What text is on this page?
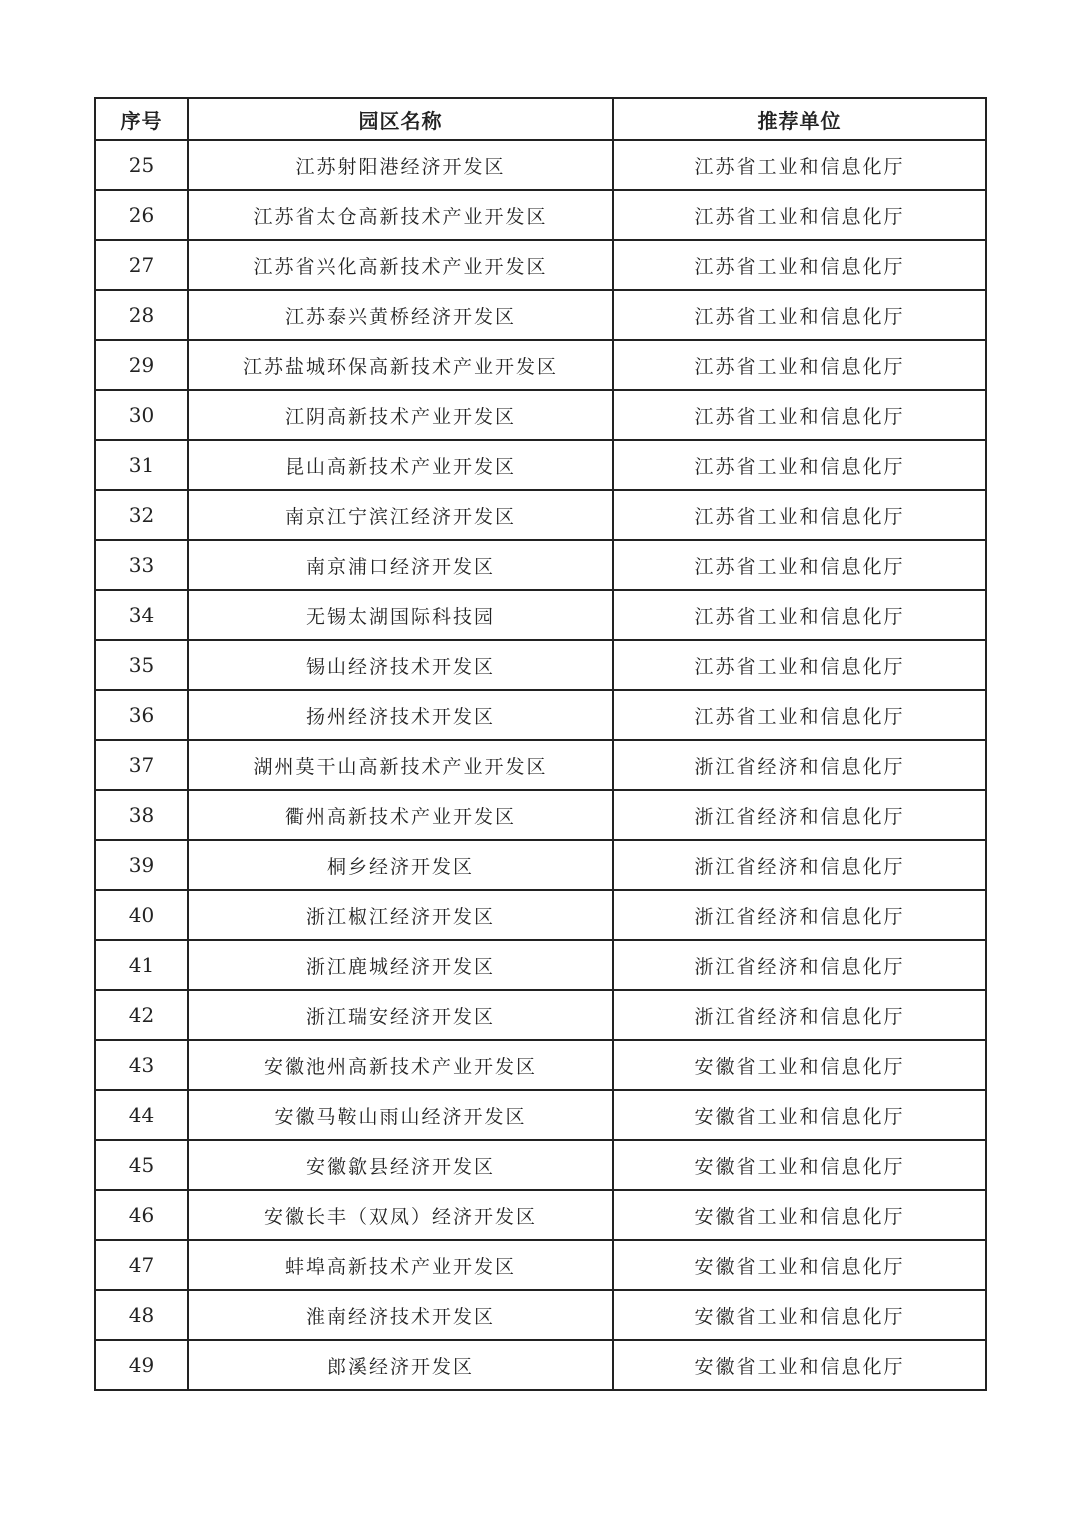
序号	园区名称	推荐单位
25	江苏射阳港经济开发区	江苏省工业和信息化厅
26	江苏省太仓高新技术产业开发区	江苏省工业和信息化厅
27	江苏省兴化高新技术产业开发区	江苏省工业和信息化厅
28	江苏泰兴黄桥经济开发区	江苏省工业和信息化厅
29	江苏盐城环保高新技术产业开发区	江苏省工业和信息化厅
30	江阴高新技术产业开发区	江苏省工业和信息化厅
31	昆山高新技术产业开发区	江苏省工业和信息化厅
32	南京江宁滨江经济开发区	江苏省工业和信息化厅
33	南京浦口经济开发区	江苏省工业和信息化厅
34	无锡太湖国际科技园	江苏省工业和信息化厅
35	锡山经济技术开发区	江苏省工业和信息化厅
36	扬州经济技术开发区	江苏省工业和信息化厅
37	湖州莫干山高新技术产业开发区	浙江省经济和信息化厅
38	衢州高新技术产业开发区	浙江省经济和信息化厅
39	桐乡经济开发区	浙江省经济和信息化厅
40	浙江椒江经济开发区	浙江省经济和信息化厅
41	浙江鹿城经济开发区	浙江省经济和信息化厅
42	浙江瑞安经济开发区	浙江省经济和信息化厅
43	安徽池州高新技术产业开发区	安徽省工业和信息化厅
44	安徽马鞍山雨山经济开发区	安徽省工业和信息化厅
45	安徽歙县经济开发区	安徽省工业和信息化厅
46	安徽长丰（双凤）经济开发区	安徽省工业和信息化厅
47	蚌埠高新技术产业开发区	安徽省工业和信息化厅
48	淮南经济技术开发区	安徽省工业和信息化厅
49	郎溪经济开发区	安徽省工业和信息化厅
